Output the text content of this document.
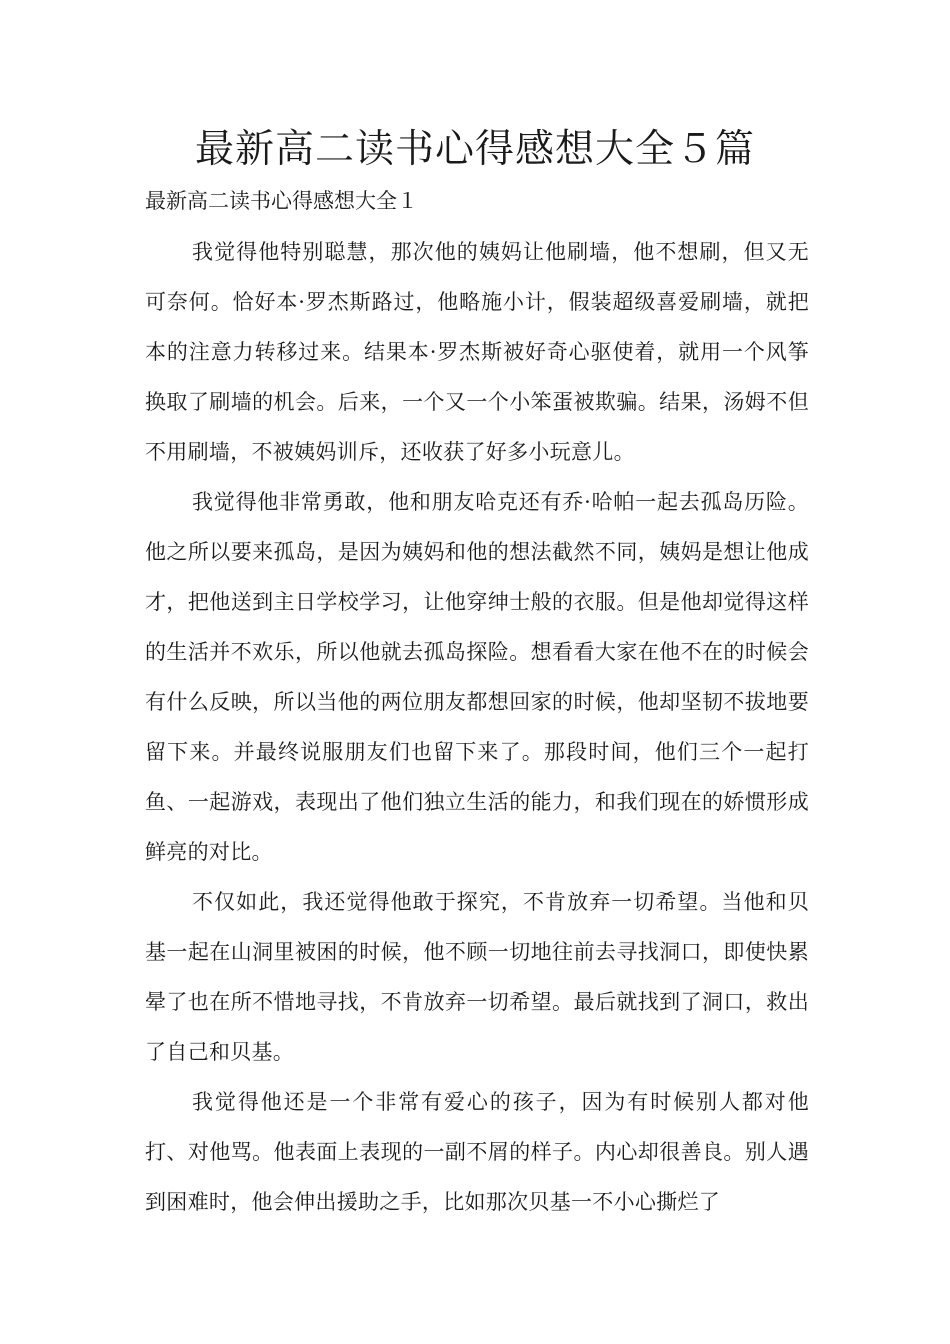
最新高二读书心得感想大全５篇

最新高二读书心得感想大全１

我觉得他特别聪慧，那次他的姨妈让他刷墙，他不想刷，但又无可奈何。恰好本·罗杰斯路过，他略施小计，假装超级喜爱刷墙，就把本的注意力转移过来。结果本·罗杰斯被好奇心驱使着，就用一个风筝换取了刷墙的机会。后来，一个又一个小笨蛋被欺骗。结果，汤姆不但不用刷墙，不被姨妈训斥，还收获了好多小玩意儿。

我觉得他非常勇敢，他和朋友哈克还有乔·哈帕一起去孤岛历险。他之所以要来孤岛，是因为姨妈和他的想法截然不同，姨妈是想让他成才，把他送到主日学校学习，让他穿绅士般的衣服。但是他却觉得这样的生活并不欢乐，所以他就去孤岛探险。想看看大家在他不在的时候会有什么反映，所以当他的两位朋友都想回家的时候，他却坚韧不拔地要留下来。并最终说服朋友们也留下来了。那段时间，他们三个一起打鱼、一起游戏，表现出了他们独立生活的能力，和我们现在的娇惯形成鲜亮的对比。

不仅如此，我还觉得他敢于探究，不肯放弃一切希望。当他和贝基一起在山洞里被困的时候，他不顾一切地往前去寻找洞口，即使快累晕了也在所不惜地寻找，不肯放弃一切希望。最后就找到了洞口，救出了自己和贝基。

我觉得他还是一个非常有爱心的孩子，因为有时候别人都对他打、对他骂。他表面上表现的一副不屑的样子。内心却很善良。别人遇到困难时，他会伸出援助之手，比如那次贝基一不小心撕烂了
